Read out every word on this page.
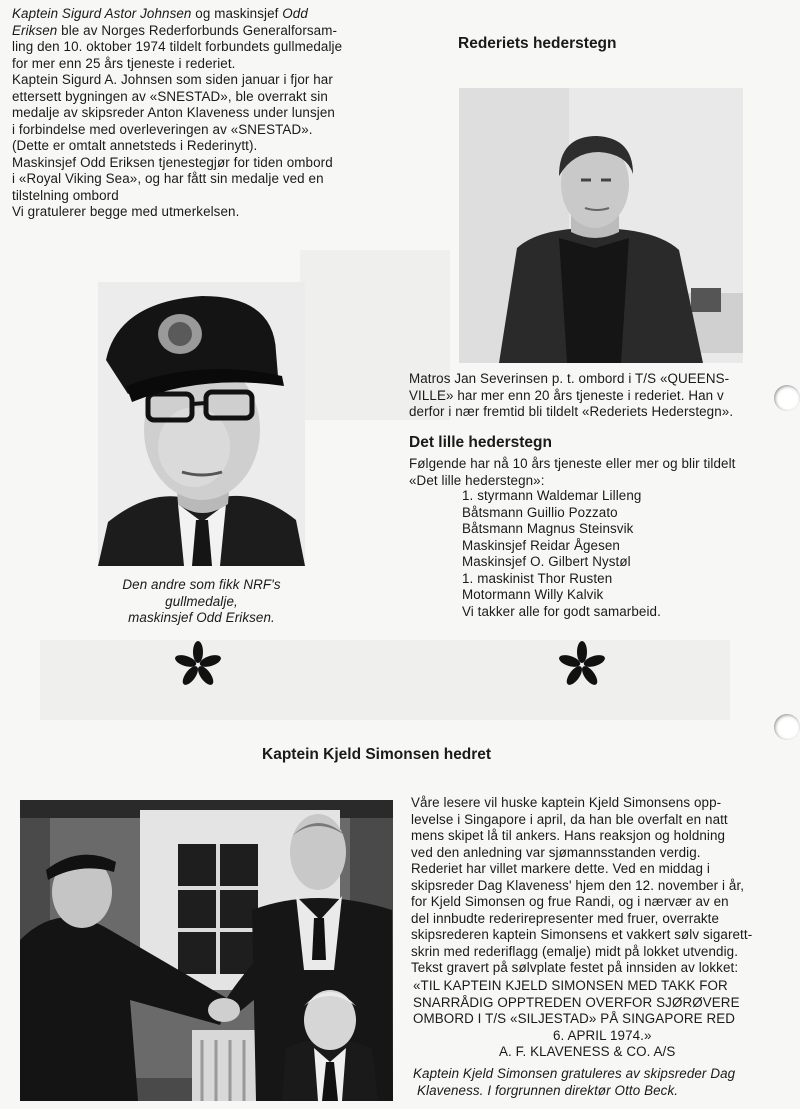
Kaptein Sigurd Astor Johnsen og maskinsjef Odd

Eriksen ble av Norges Rederforbunds Generalforsam-

ling den 10. oktober 1974 tildelt forbundets gullmedalje

for mer enn 25 års tjeneste i rederiet.

Kaptein Sigurd A. Johnsen som siden januar i fjor har

ettersett bygningen av «SNESTAD», ble overrakt sin

medalje av skipsreder Anton Klaveness under lunsjen

i forbindelse med overleveringen av «SNESTAD».

(Dette er omtalt annetsteds i Rederinytt).

Maskinsjef Odd Eriksen tjenestegjør for tiden ombord

i «Royal Viking Sea», og har fått sin medalje ved en

tilstelning ombord

Vi gratulerer begge med utmerkelsen.

Den andre som fikk NRF's

gullmedalje,

maskinsjef Odd Eriksen.

Rederiets hederstegn

Matros Jan Severinsen p. t. ombord i T/S «QUEENS-

VILLE» har mer enn 20 års tjeneste i rederiet. Han v

derfor i nær fremtid bli tildelt «Rederiets Hederstegn».

Det lille hederstegn

Følgende har nå 10 års tjeneste eller mer og blir tildelt

«Det lille hederstegn»:

1. styrmann Waldemar Lilleng

Båtsmann Guillio Pozzato

Båtsmann Magnus Steinsvik

Maskinsjef Reidar Ågesen

Maskinsjef O. Gilbert Nystøl

1. maskinist Thor Rusten

Motormann Willy Kalvik

Vi takker alle for godt samarbeid.

Kaptein Kjeld Simonsen hedret

Våre lesere vil huske kaptein Kjeld Simonsens opp-

levelse i Singapore i april, da han ble overfalt en natt

mens skipet lå til ankers. Hans reaksjon og holdning

ved den anledning var sjømannsstanden verdig.

Rederiet har villet markere dette. Ved en middag i

skipsreder Dag Klaveness' hjem den 12. november i år,

for Kjeld Simonsen og frue Randi, og i nærvær av en

del innbudte rederirepresenter med fruer, overrakte

skipsrederen kaptein Simonsens et vakkert sølv sigarett-

skrin med rederiflagg (emalje) midt på lokket utvendig.

Tekst gravert på sølvplate festet på innsiden av lokket:

«TIL KAPTEIN KJELD SIMONSEN MED TAKK FOR

SNARRÅDIG OPPTREDEN OVERFOR SJØRØVERE

OMBORD I T/S «SILJESTAD» PÅ SINGAPORE RED

6. APRIL 1974.»

A. F. KLAVENESS & CO. A/S

Kaptein Kjeld Simonsen gratuleres av skipsreder Dag

Klaveness. I forgrunnen direktør Otto Beck.
